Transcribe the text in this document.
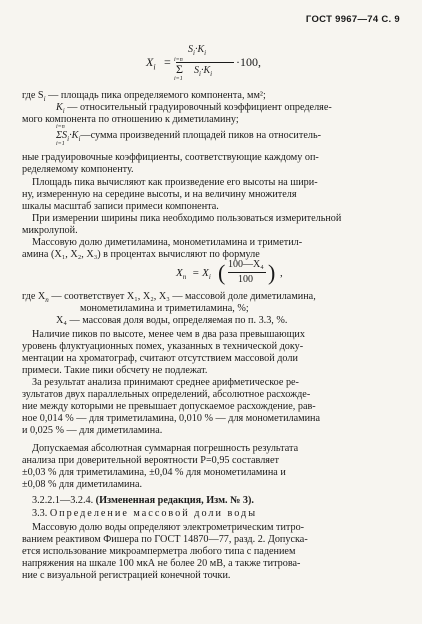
ГОСТ 9967—74 С. 9
$X_i$ =
$S_i\cdot K_i$
i=n
Σ $S_i\cdot K_i$
i=1
·100,
где $S_i$ — площадь пика определяемого компонента, мм²;
$K_i$ — относительный градуировочный коэффициент определяе-
мого компонента по отношению к диметиламину;
i=n
$\Sigma S_i\cdot K_i—сумма$ произведений площадей пиков на относитель-
i=1
ные градуировочные коэффициенты, соответствующие каждому оп-
ределяемому компоненту.
Площадь пика вычисляют как произведение его высоты на шири-
ну, измеренную на середине высоты, и на величину множителя
шкалы масштаб записи примеси компонента.
При измерении ширины пика необходимо пользоваться измерительной
микролупой.
Массовую долю диметиламина, монометиламина и триметил-
амина (X₁, X₂, X₃) в процентах вычисляют по формуле
$X_n = X_i$ ( 100—X₄
100 ) ,
где $X_n$ — соответствует X₁, X₂, X₃ — массовой доле диметиламина,
монометиламина и триметиламина, %;
X₄ — массовая доля воды, определяемая по п. 3.3, %.
Наличие пиков по высоте, менее чем в два раза превышающих
уровень флуктуационных помех, указанных в технической доку-
ментации на хроматограф, считают отсутствием массовой доли
примеси. Такие пики обсчету не подлежат.
За результат анализа принимают среднее арифметическое ре-
зультатов двух параллельных определений, абсолютное расхожде-
ние между которыми не превышает допускаемое расхождение, рав-
ное 0,014 % — для триметиламина, 0,010 % — для монометиламина
и 0,025 % — для диметиламина.
Допускаемая абсолютная суммарная погрешность результата
анализа при доверительной вероятности P=0,95 составляет
±0,03 % для триметиламина, ±0,04 % для монометиламина и
±0,08 % для диметиламина.
3.2.2.1—3.2.4. (Измененная редакция, Изм. № 3).
3.3. Определение массовой доли воды
Массовую долю воды определяют электрометрическим титро-
ванием реактивом Фишера по ГОСТ 14870—77, разд. 2. Допуска-
ется использование микроамперметра любого типа с падением
напряжения на шкале 100 мкА не более 20 мВ, а также титрова-
ние с визуальной регистрацией конечной точки.
